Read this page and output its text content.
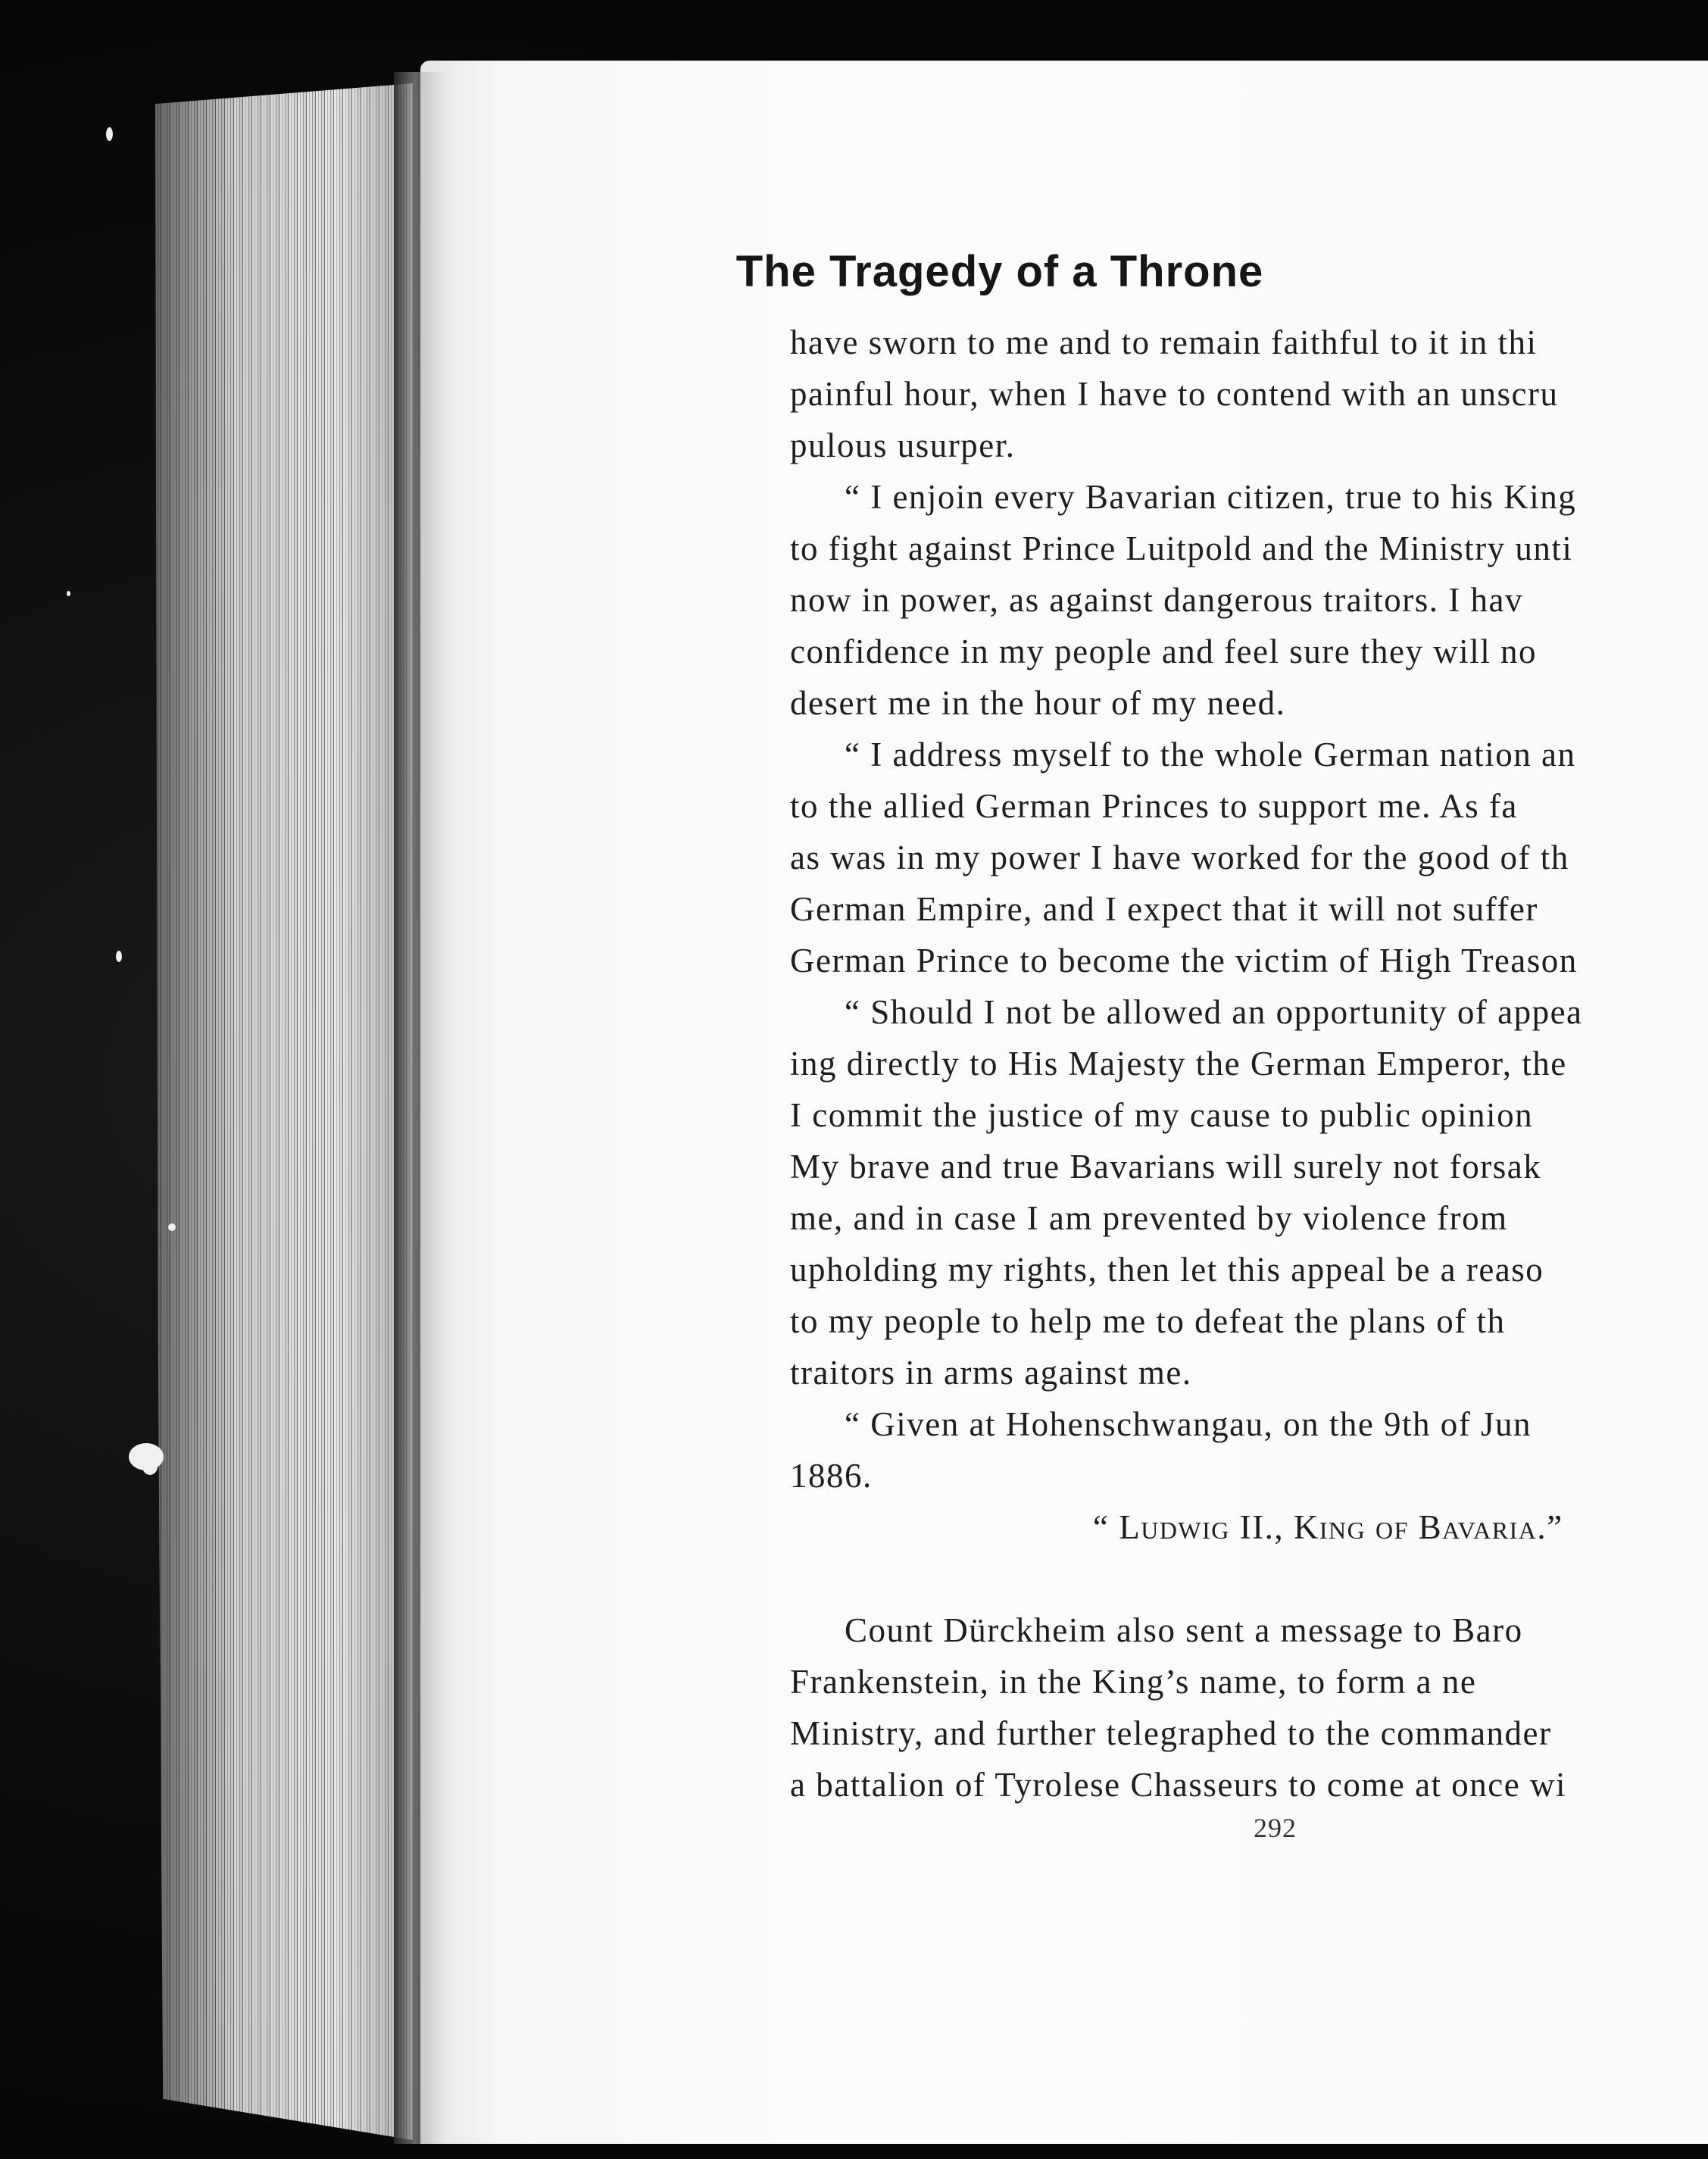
The Tragedy of a Throne
have sworn to me and to remain faithful to it in thi
painful hour, when I have to contend with an unscru
pulous usurper.
“ I enjoin every Bavarian citizen, true to his King
to fight against Prince Luitpold and the Ministry unti
now in power, as against dangerous traitors. I hav
confidence in my people and feel sure they will no
desert me in the hour of my need.
“ I address myself to the whole German nation an
to the allied German Princes to support me. As fa
as was in my power I have worked for the good of th
German Empire, and I expect that it will not suffer
German Prince to become the victim of High Treason
“ Should I not be allowed an opportunity of appea
ing directly to His Majesty the German Emperor, the
I commit the justice of my cause to public opinion
My brave and true Bavarians will surely not forsak
me, and in case I am prevented by violence from
upholding my rights, then let this appeal be a reaso
to my people to help me to defeat the plans of th
traitors in arms against me.
“ Given at Hohenschwangau, on the 9th of Jun
1886.
“ Ludwig II., King of Bavaria.”
Count Dürckheim also sent a message to Baro
Frankenstein, in the King’s name, to form a ne
Ministry, and further telegraphed to the commander
a battalion of Tyrolese Chasseurs to come at once wi
292
